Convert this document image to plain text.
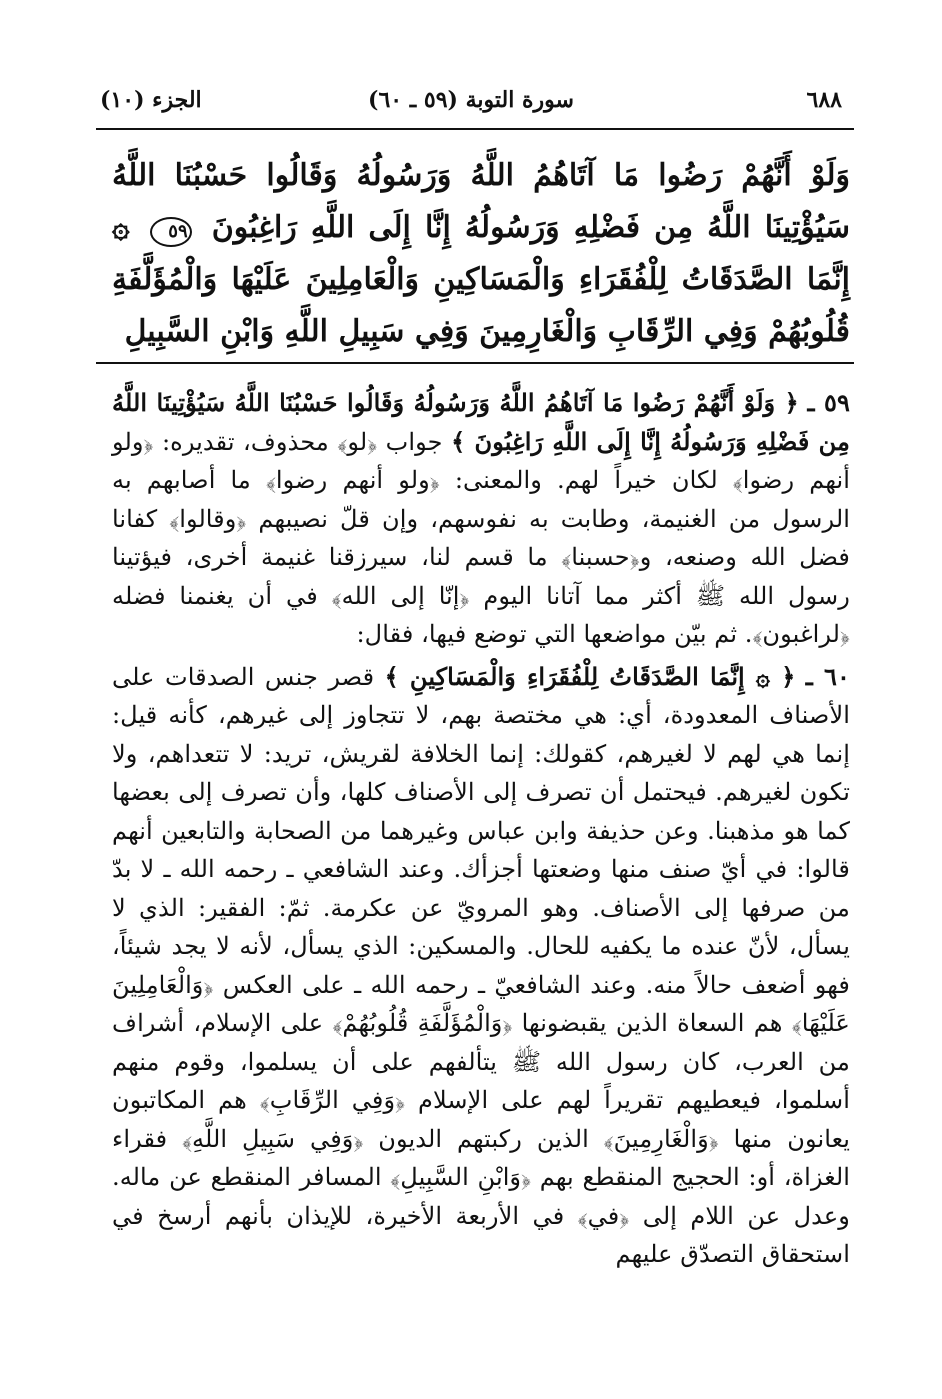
٦٨٨
سورة التوبة (٥٩ ـ ٦٠)
الجزء (١٠)
وَلَوْ أَنَّهُمْ رَضُوا مَا آتَاهُمُ اللَّهُ وَرَسُولُهُ وَقَالُوا حَسْبُنَا اللَّهُ سَيُؤْتِينَا اللَّهُ مِن فَضْلِهِ وَرَسُولُهُ إِنَّا إِلَى اللَّهِ رَاغِبُونَ ٥٩ ۞ إِنَّمَا الصَّدَقَاتُ لِلْفُقَرَاءِ وَالْمَسَاكِينِ وَالْعَامِلِينَ عَلَيْهَا وَالْمُؤَلَّفَةِ قُلُوبُهُمْ وَفِي الرِّقَابِ وَالْغَارِمِينَ وَفِي سَبِيلِ اللَّهِ وَابْنِ السَّبِيلِ

٥٩ ـ ﴿ وَلَوْ أَنَّهُمْ رَضُوا مَا آتَاهُمُ اللَّهُ وَرَسُولُهُ وَقَالُوا حَسْبُنَا اللَّهُ سَيُؤْتِينَا اللَّهُ مِن فَضْلِهِ وَرَسُولُهُ إِنَّا إِلَى اللَّهِ رَاغِبُونَ ﴾ جواب ﴿لو﴾ محذوف، تقديره: ﴿ولو أنهم رضوا﴾ لكان خيراً لهم. والمعنى: ﴿ولو أنهم رضوا﴾ ما أصابهم به الرسول من الغنيمة، وطابت به نفوسهم، وإن قلّ نصيبهم ﴿وقالوا﴾ كفانا فضل الله وصنعه، و﴿حسبنا﴾ ما قسم لنا، سيرزقنا غنيمة أخرى، فيؤتينا رسول الله ﷺ أكثر مما آتانا اليوم ﴿إنّا إلى الله﴾ في أن يغنمنا فضله ﴿لراغبون﴾. ثم بيّن مواضعها التي توضع فيها، فقال:

٦٠ ـ ﴿ ۞ إِنَّمَا الصَّدَقَاتُ لِلْفُقَرَاءِ وَالْمَسَاكِينِ ﴾ قصر جنس الصدقات على الأصناف المعدودة، أي: هي مختصة بهم، لا تتجاوز إلى غيرهم، كأنه قيل: إنما هي لهم لا لغيرهم، كقولك: إنما الخلافة لقريش، تريد: لا تتعداهم، ولا تكون لغيرهم. فيحتمل أن تصرف إلى الأصناف كلها، وأن تصرف إلى بعضها كما هو مذهبنا. وعن حذيفة وابن عباس وغيرهما من الصحابة والتابعين أنهم قالوا: في أيّ صنف منها وضعتها أجزأك. وعند الشافعي ـ رحمه الله ـ لا بدّ من صرفها إلى الأصناف. وهو المرويّ عن عكرمة. ثمّ: الفقير: الذي لا يسأل، لأنّ عنده ما يكفيه للحال. والمسكين: الذي يسأل، لأنه لا يجد شيئاً، فهو أضعف حالاً منه. وعند الشافعيّ ـ رحمه الله ـ على العكس ﴿وَالْعَامِلِينَ عَلَيْهَا﴾ هم السعاة الذين يقبضونها ﴿وَالْمُؤَلَّفَةِ قُلُوبُهُمْ﴾ على الإسلام، أشراف من العرب، كان رسول الله ﷺ يتألفهم على أن يسلموا، وقوم منهم أسلموا، فيعطيهم تقريراً لهم على الإسلام ﴿وَفِي الرِّقَابِ﴾ هم المكاتبون يعانون منها ﴿وَالْغَارِمِينَ﴾ الذين ركبتهم الديون ﴿وَفِي سَبِيلِ اللَّهِ﴾ فقراء الغزاة، أو: الحجيج المنقطع بهم ﴿وَابْنِ السَّبِيلِ﴾ المسافر المنقطع عن ماله. وعدل عن اللام إلى ﴿في﴾ في الأربعة الأخيرة، للإيذان بأنهم أرسخ في استحقاق التصدّق عليهم
